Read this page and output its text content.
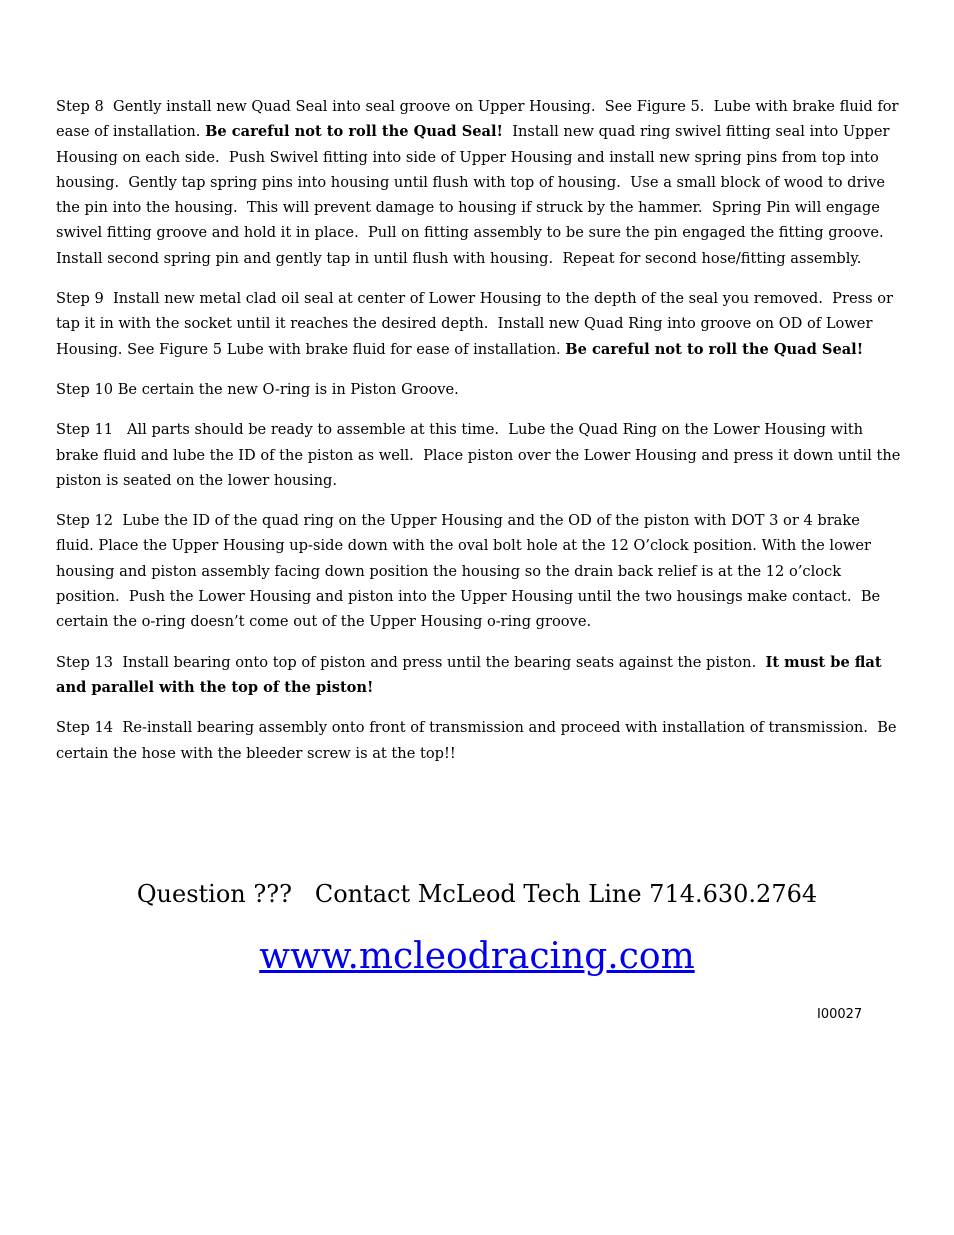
Step 8  Gently install new Quad Seal into seal groove on Upper Housing.  See Figure 5.  Lube with brake fluid for ease of installation. Be careful not to roll the Quad Seal!  Install new quad ring swivel fitting seal into Upper Housing on each side.  Push Swivel fitting into side of Upper Housing and install new spring pins from top into housing.  Gently tap spring pins into housing until flush with top of housing.  Use a small block of wood to drive the pin into the housing.  This will prevent damage to housing if struck by the hammer.  Spring Pin will engage swivel fitting groove and hold it in place.  Pull on fitting assembly to be sure the pin engaged the fitting groove.  Install second spring pin and gently tap in until flush with housing.  Repeat for second hose/fitting assembly.

Step 9  Install new metal clad oil seal at center of Lower Housing to the depth of the seal you removed.  Press or tap it in with the socket until it reaches the desired depth.  Install new Quad Ring into groove on OD of Lower Housing. See Figure 5 Lube with brake fluid for ease of installation. Be careful not to roll the Quad Seal!

Step 10 Be certain the new O-ring is in Piston Groove.

Step 11   All parts should be ready to assemble at this time.  Lube the Quad Ring on the Lower Housing with brake fluid and lube the ID of the piston as well.  Place piston over the Lower Housing and press it down until the piston is seated on the lower housing.

Step 12  Lube the ID of the quad ring on the Upper Housing and the OD of the piston with DOT 3 or 4 brake fluid. Place the Upper Housing up-side down with the oval bolt hole at the 12 O’clock position. With the lower housing and piston assembly facing down position the housing so the drain back relief is at the 12 o’clock position.  Push the Lower Housing and piston into the Upper Housing until the two housings make contact.  Be certain the o-ring doesn’t come out of the Upper Housing o-ring groove.

Step 13  Install bearing onto top of piston and press until the bearing seats against the piston.  It must be flat and parallel with the top of the piston!

Step 14  Re-install bearing assembly onto front of transmission and proceed with installation of transmission.  Be certain the hose with the bleeder screw is at the top!!

Question ???   Contact McLeod Tech Line 714.630.2764
www.mcleodracing.com
I00027
